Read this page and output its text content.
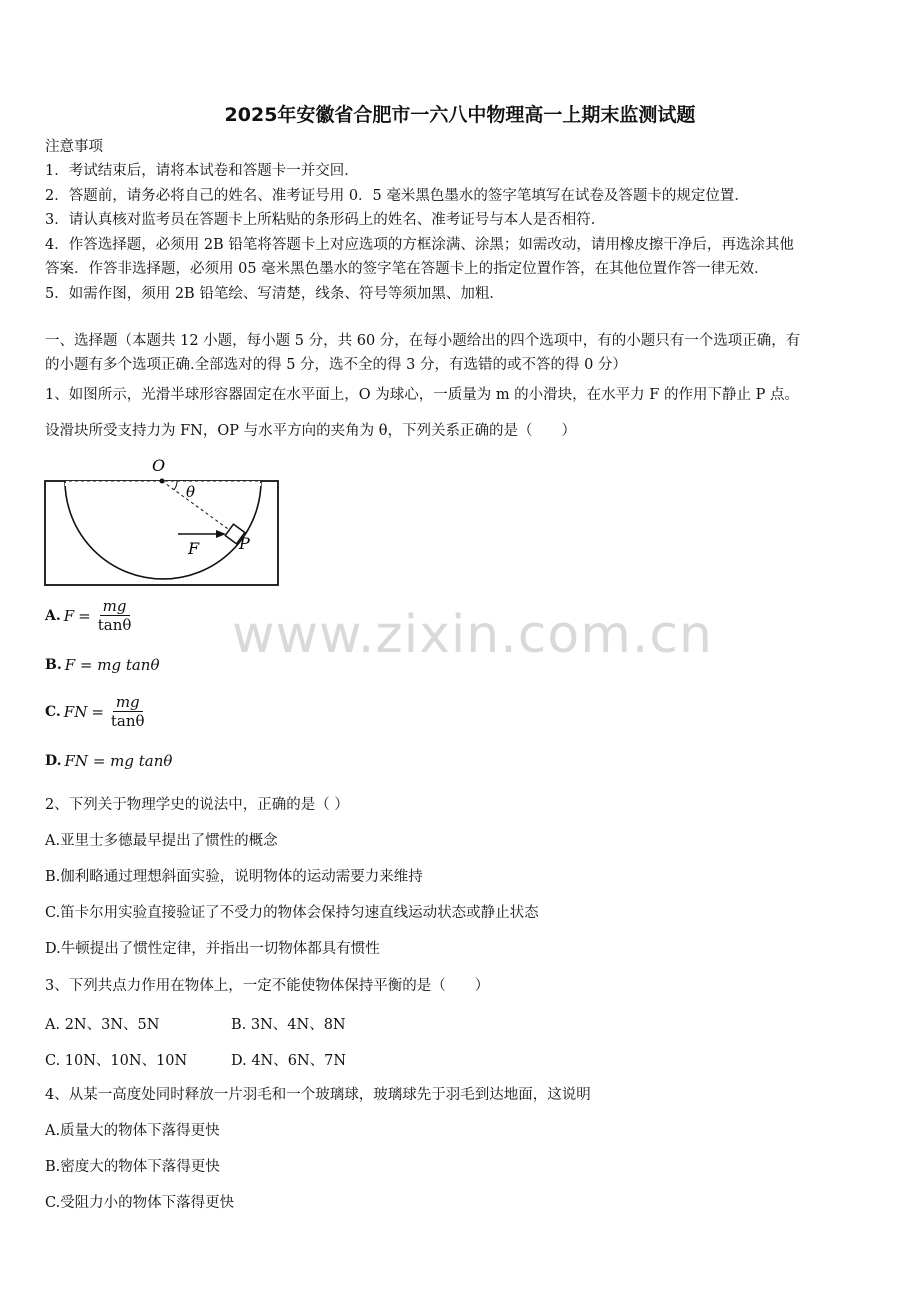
2025年安徽省合肥市一六八中物理高一上期末监测试题
注意事项
1．考试结束后，请将本试卷和答题卡一并交回．
2．答题前，请务必将自己的姓名、准考证号用 0．5 毫米黑色墨水的签字笔填写在试卷及答题卡的规定位置．
3．请认真核对监考员在答题卡上所粘贴的条形码上的姓名、准考证号与本人是否相符．
4．作答选择题，必须用 2B 铅笔将答题卡上对应选项的方框涂满、涂黑；如需改动，请用橡皮擦干净后，再选涂其他
答案．作答非选择题，必须用 05 毫米黑色墨水的签字笔在答题卡上的指定位置作答，在其他位置作答一律无效．
5．如需作图，须用 2B 铅笔绘、写清楚，线条、符号等须加黑、加粗．
一、选择题（本题共 12 小题，每小题 5 分，共 60 分，在每小题给出的四个选项中，有的小题只有一个选项正确，有
的小题有多个选项正确.全部选对的得 5 分，选不全的得 3 分，有选错的或不答的得 0 分）
1、如图所示，光滑半球形容器固定在水平面上，O 为球心，一质量为 m 的小滑块，在水平力 F 的作用下静止 P 点。
设滑块所受支持力为 FN，OP 与水平方向的夹角为 θ，下列关系正确的是（　　）
O
θ
F P
A. $F = \frac{mg}{\tan\theta}$
B. F = mg tanθ
C. FN = $\frac{mg}{\tan\theta}$
D. FN = mg tanθ
www.zixin.com.cn
2、下列关于物理学史的说法中，正确的是（ ）
A.亚里士多德最早提出了惯性的概念
B.伽利略通过理想斜面实验，说明物体的运动需要力来维持
C.笛卡尔用实验直接验证了不受力的物体会保持匀速直线运动状态或静止状态
D.牛顿提出了惯性定律，并指出一切物体都具有惯性
3、下列共点力作用在物体上，一定不能使物体保持平衡的是（　　）
A. 2N、3N、5N	B. 3N、4N、8N
C. 10N、10N、10N	D. 4N、6N、7N
4、从某一高度处同时释放一片羽毛和一个玻璃球，玻璃球先于羽毛到达地面，这说明
A.质量大的物体下落得更快
B.密度大的物体下落得更快
C.受阻力小的物体下落得更快
